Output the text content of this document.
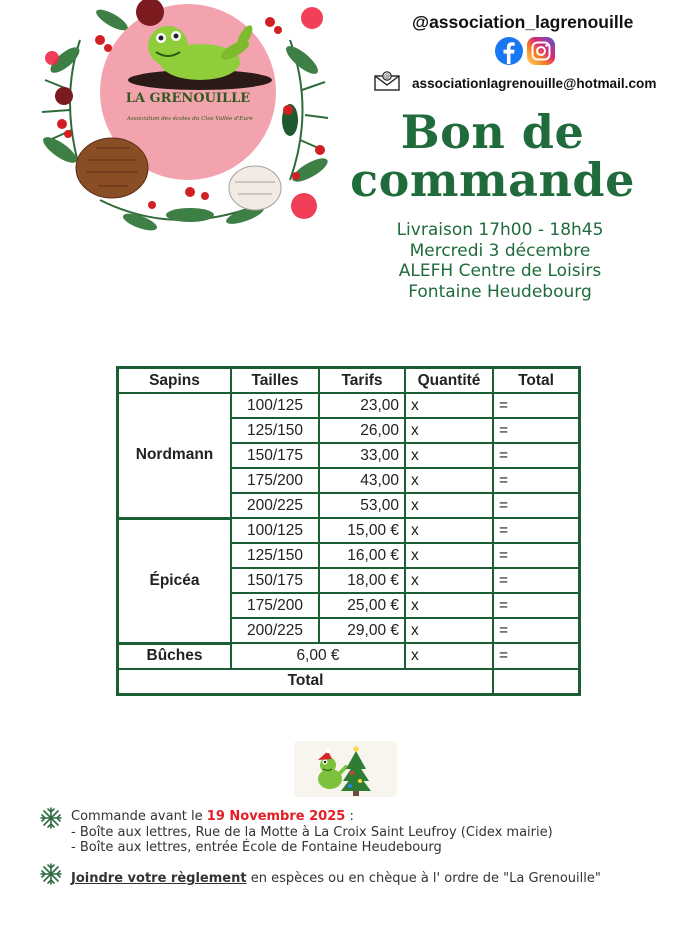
LA GRENOUILLE
Association des écoles du Clos Vallée d'Eure
@association_lagrenouille
@ associationlagrenouille@hotmail.com
Bon de
commande
Livraison 17h00 - 18h45
Mercredi 3 décembre
ALEFH Centre de Loisirs
Fontaine Heudebourg
Sapins	Tailles	Tarifs	Quantité	Total
Nordmann	100/125	23,00	x	=
	125/150	26,00	x	=
	150/175	33,00	x	=
	175/200	43,00	x	=
	200/225	53,00	x	=
Épicéa	100/125	15,00 €	x	=
	125/150	16,00 €	x	=
	150/175	18,00 €	x	=
	175/200	25,00 €	x	=
	200/225	29,00 €	x	=
Bûches	6,00 €		x	=
Total				
Commande avant le 19 Novembre 2025 :
- Boîte aux lettres, Rue de la Motte à La Croix Saint Leufroy (Cidex mairie)
- Boîte aux lettres, entrée École de Fontaine Heudebourg
Joindre votre règlement en espèces ou en chèque à l' ordre de "La Grenouille"
